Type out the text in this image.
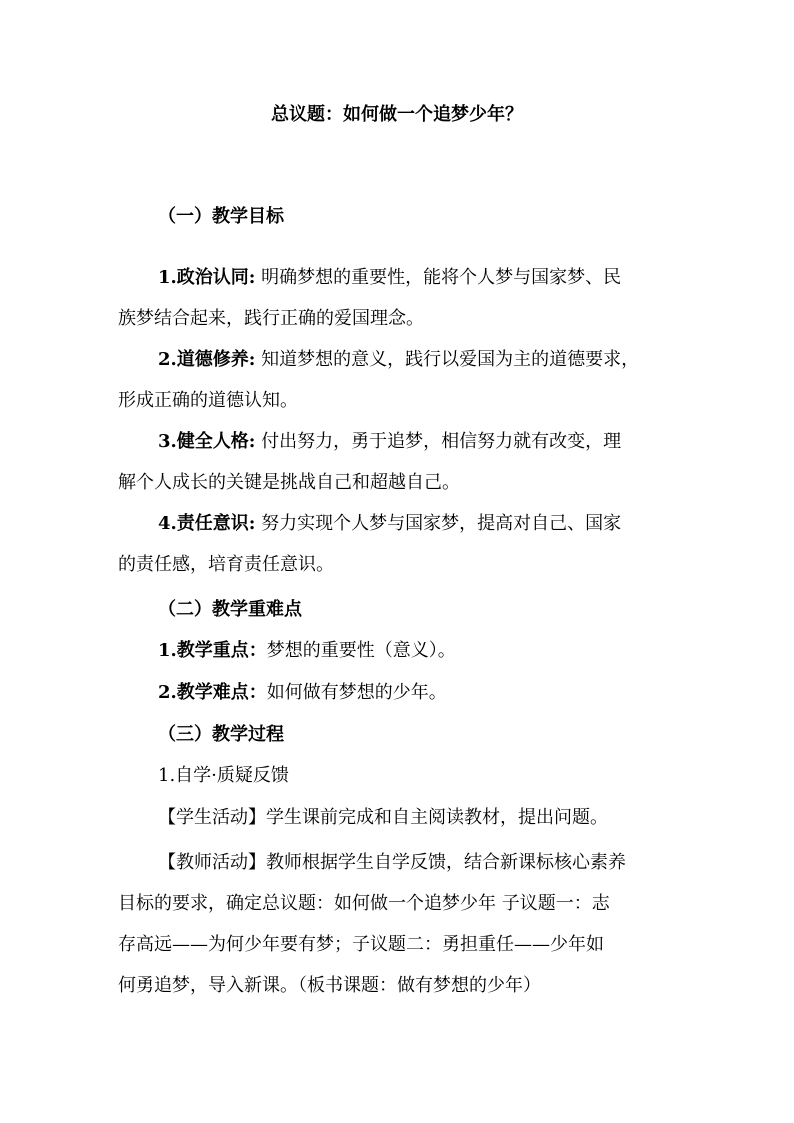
总议题：如何做一个追梦少年？
（一）教学目标
1.政治认同: 明确梦想的重要性，能将个人梦与国家梦、民
族梦结合起来，践行正确的爱国理念。
2.道德修养: 知道梦想的意义，践行以爱国为主的道德要求，
形成正确的道德认知。
3.健全人格: 付出努力，勇于追梦，相信努力就有改变，理
解个人成长的关键是挑战自己和超越自己。
4.责任意识: 努力实现个人梦与国家梦，提高对自己、国家
的责任感，培育责任意识。
（二）教学重难点
1.教学重点：梦想的重要性（意义）。
2.教学难点：如何做有梦想的少年。
（三）教学过程
1.自学·质疑反馈
【学生活动】学生课前完成和自主阅读教材，提出问题。
【教师活动】教师根据学生自学反馈，结合新课标核心素养
目标的要求，确定总议题：如何做一个追梦少年 子议题一：志
存高远——为何少年要有梦；子议题二：勇担重任——少年如
何勇追梦，导入新课。（板书课题：做有梦想的少年）
